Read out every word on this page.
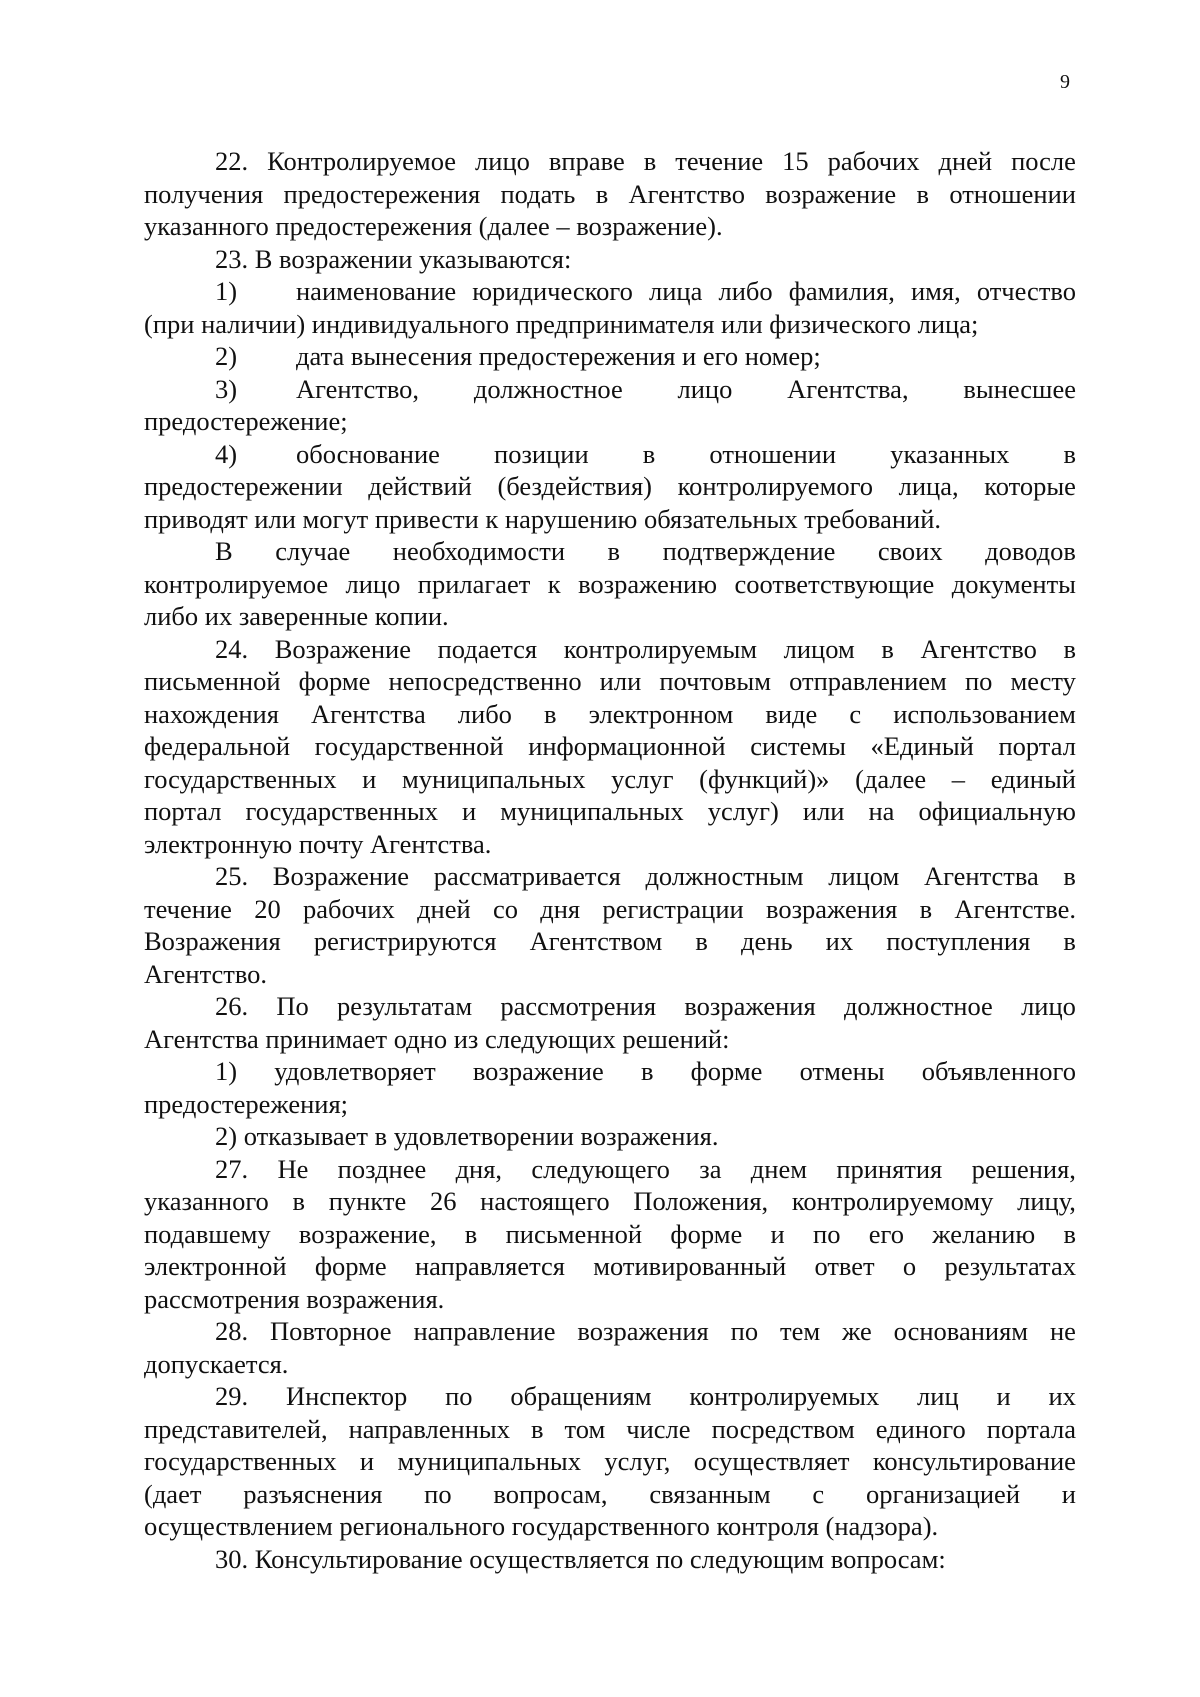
9
22. Контролируемое лицо вправе в течение 15 рабочих дней после
получения предостережения подать в Агентство возражение в отношении
указанного предостережения (далее – возражение).
23. В возражении указываются:
1)	наименование юридического лица либо фамилия, имя, отчество
(при наличии) индивидуального предпринимателя или физического лица;
2)	дата вынесения предостережения и его номер;
3)	Агентство, должностное лицо Агентства, вынесшее
предостережение;
4)	обоснование позиции в отношении указанных в
предостережении действий (бездействия) контролируемого лица, которые
приводят или могут привести к нарушению обязательных требований.
В случае необходимости в подтверждение своих доводов
контролируемое лицо прилагает к возражению соответствующие документы
либо их заверенные копии.
24. Возражение подается контролируемым лицом в Агентство в
письменной форме непосредственно или почтовым отправлением по месту
нахождения Агентства либо в электронном виде с использованием
федеральной государственной информационной системы «Единый портал
государственных и муниципальных услуг (функций)» (далее – единый
портал государственных и муниципальных услуг) или на официальную
электронную почту Агентства.
25. Возражение рассматривается должностным лицом Агентства в
течение 20 рабочих дней со дня регистрации возражения в Агентстве.
Возражения регистрируются Агентством в день их поступления в
Агентство.
26. По результатам рассмотрения возражения должностное лицо
Агентства принимает одно из следующих решений:
1) удовлетворяет возражение в форме отмены объявленного
предостережения;
2) отказывает в удовлетворении возражения.
27. Не позднее дня, следующего за днем принятия решения,
указанного в пункте 26 настоящего Положения, контролируемому лицу,
подавшему возражение, в письменной форме и по его желанию в
электронной форме направляется мотивированный ответ о результатах
рассмотрения возражения.
28. Повторное направление возражения по тем же основаниям не
допускается.
29. Инспектор по обращениям контролируемых лиц и их
представителей, направленных в том числе посредством единого портала
государственных и муниципальных услуг, осуществляет консультирование
(дает разъяснения по вопросам, связанным с организацией и
осуществлением регионального государственного контроля (надзора).
30. Консультирование осуществляется по следующим вопросам:
